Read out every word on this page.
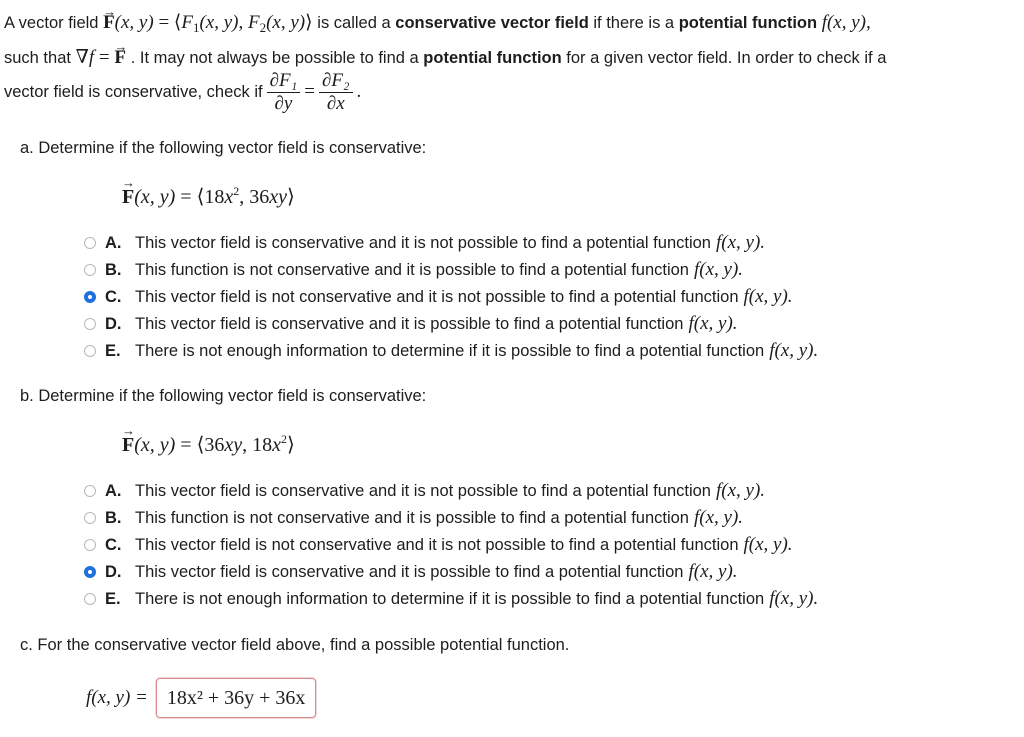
A vector field → F(x, $y) = ⟨F_1(x$, y), $F_2(x$, y)⟩ is called a conservative vector field if there is a potential function f(x, y),
such that ∇f = → F . It may not always be possible to find a potential function for a given vector field. In order to check if a
vector field is conservative, check if $\frac{\text{∂F₁}}{\partial y} = \frac{\text{∂F₂}}{\partial x}$ .
a. Determine if the following vector field is conservative:
→ F(x, $y) = ⟨18x^2$, 36xy⟩
A. This vector field is conservative and it is not possible to find a potential function f(x, y).
B. This function is not conservative and it is possible to find a potential function f(x, y).
C. This vector field is not conservative and it is not possible to find a potential function f(x, y).
D. This vector field is conservative and it is possible to find a potential function f(x, y).
E. There is not enough information to determine if it is possible to find a potential function f(x, y).
b. Determine if the following vector field is conservative:
→ F(x, y) = ⟨36xy, $18x^2⟩$
A. This vector field is conservative and it is not possible to find a potential function f(x, y).
B. This function is not conservative and it is possible to find a potential function f(x, y).
C. This vector field is not conservative and it is not possible to find a potential function f(x, y).
D. This vector field is conservative and it is possible to find a potential function f(x, y).
E. There is not enough information to determine if it is possible to find a potential function f(x, y).
c. For the conservative vector field above, find a possible potential function.
f(x, y) = 18x² + 36y + 36x
